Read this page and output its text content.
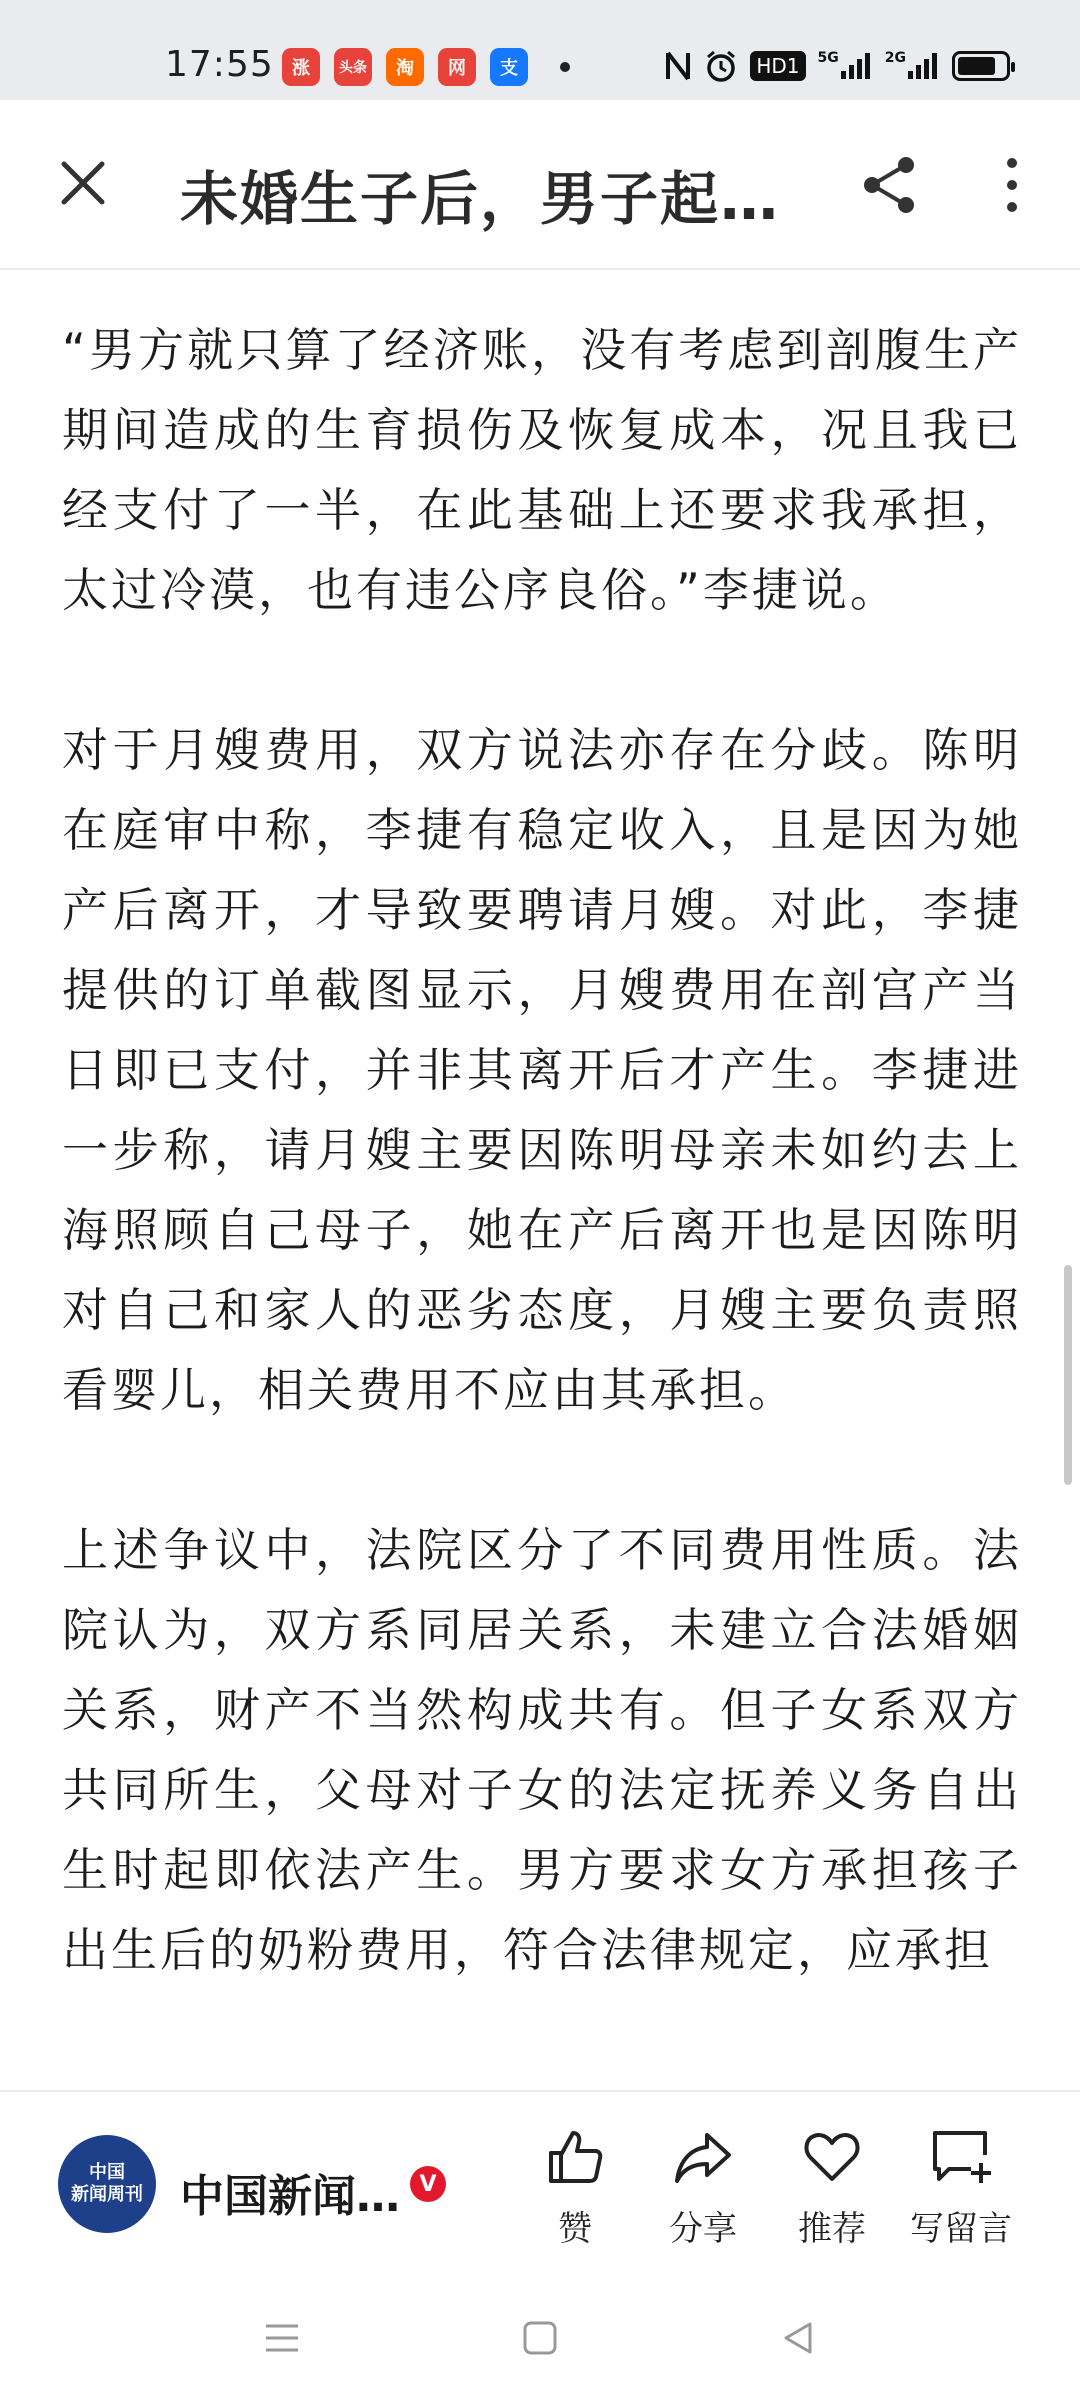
17:55	涨	头条	淘	网	支	HD1	5G	2G
未婚生子后，男子起…

“男方就只算了经济账，没有考虑到剖腹生产期间造成的生育损伤及恢复成本，况且我已经支付了一半，在此基础上还要求我承担，太过冷漠，也有违公序良俗。”李捷说。

对于月嫂费用，双方说法亦存在分歧。陈明在庭审中称，李捷有稳定收入，且是因为她产后离开，才导致要聘请月嫂。对此，李捷提供的订单截图显示，月嫂费用在剖宫产当日即已支付，并非其离开后才产生。李捷进一步称，请月嫂主要因陈明母亲未如约去上海照顾自己母子，她在产后离开也是因陈明对自己和家人的恶劣态度，月嫂主要负责照看婴儿，相关费用不应由其承担。

上述争议中，法院区分了不同费用性质。法院认为，双方系同居关系，未建立合法婚姻关系，财产不当然构成共有。但子女系双方共同所生，父母对子女的法定抚养义务自出生时起即依法产生。男方要求女方承担孩子出生后的奶粉费用，符合法律规定，应承担

中国
新闻周刊 中国新闻… V
赞 分享 推荐 写留言
